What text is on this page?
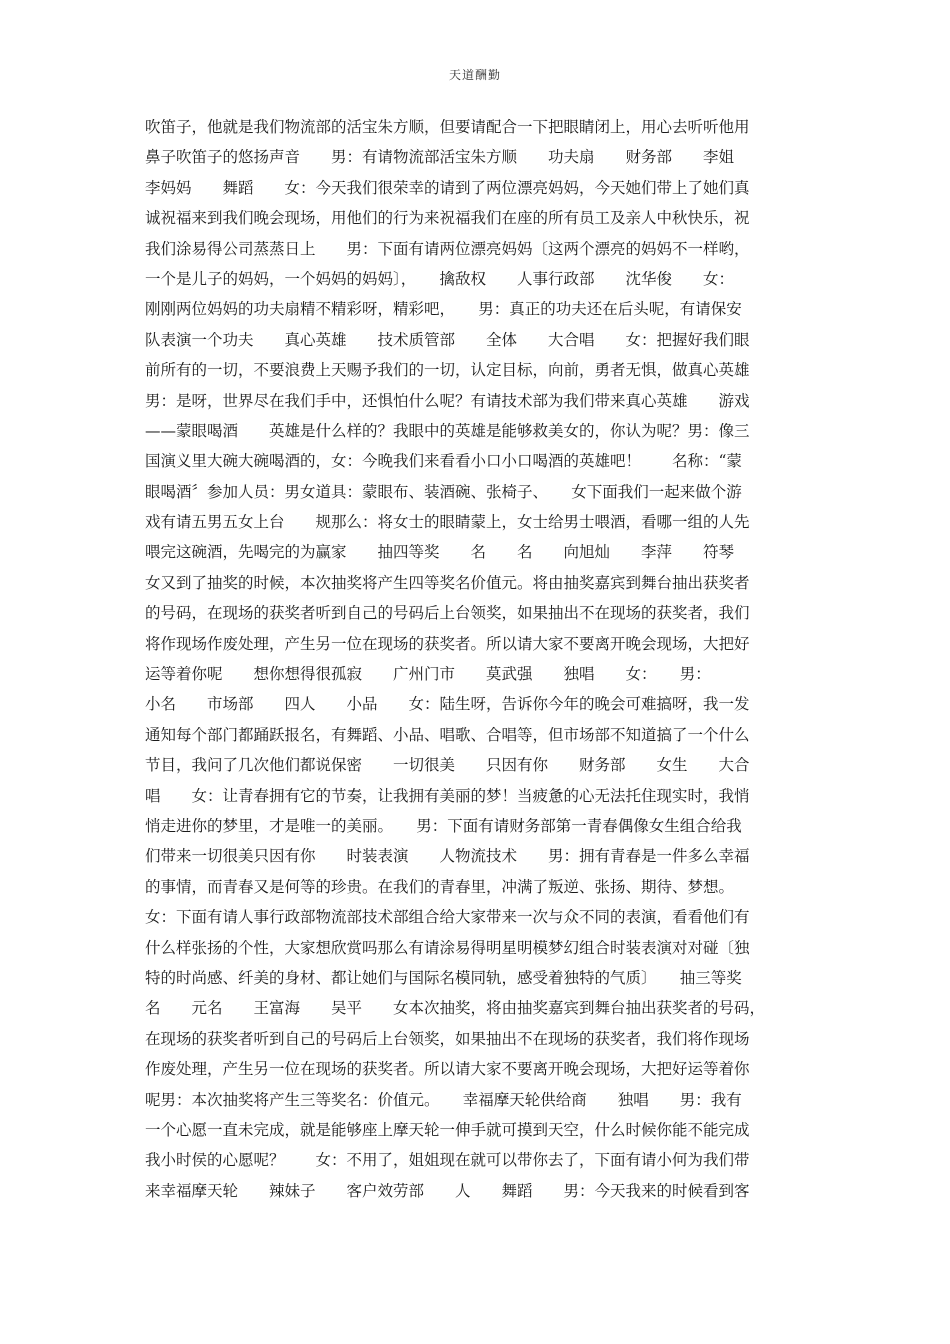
天道酬勤
吹笛子，他就是我们物流部的活宝朱方顺，但要请配合一下把眼睛闭上，用心去听听他用
鼻子吹笛子的悠扬声音　　男：有请物流部活宝朱方顺　　功夫扇　　财务部　　李姐
李妈妈　　舞蹈　　女：今天我们很荣幸的请到了两位漂亮妈妈，今天她们带上了她们真
诚祝福来到我们晚会现场，用他们的行为来祝福我们在座的所有员工及亲人中秋快乐，祝
我们涂易得公司蒸蒸日上　　男：下面有请两位漂亮妈妈〔这两个漂亮的妈妈不一样哟，
一个是儿子的妈妈，一个妈妈的妈妈〕，　　擒敌权　　人事行政部　　沈华俊　　女：
刚刚两位妈妈的功夫扇精不精彩呀，精彩吧，　　男：真正的功夫还在后头呢，有请保安
队表演一个功夫　　真心英雄　　技术质管部　　全体　　大合唱　　女：把握好我们眼
前所有的一切，不要浪费上天赐予我们的一切，认定目标，向前，勇者无惧，做真心英雄
男：是呀，世界尽在我们手中，还惧怕什么呢？有请技术部为我们带来真心英雄　　游戏
——蒙眼喝酒　　英雄是什么样的？我眼中的英雄是能够救美女的，你认为呢？男：像三
国演义里大碗大碗喝酒的，女：今晚我们来看看小口小口喝酒的英雄吧！　　名称：“蒙
眼喝酒〞参加人员：男女道具：蒙眼布、装酒碗、张椅子、　　女下面我们一起来做个游
戏有请五男五女上台　　规那么：将女士的眼睛蒙上，女士给男士喂酒，看哪一组的人先
喂完这碗酒，先喝完的为赢家　　抽四等奖　　名　　名　　向旭灿　　李萍　　符琴
女又到了抽奖的时候，本次抽奖将产生四等奖名价值元。将由抽奖嘉宾到舞台抽出获奖者
的号码，在现场的获奖者听到自己的号码后上台领奖，如果抽出不在现场的获奖者，我们
将作现场作废处理，产生另一位在现场的获奖者。所以请大家不要离开晚会现场，大把好
运等着你呢　　想你想得很孤寂　　广州门市　　莫武强　　独唱　　女：　　男：
小名　　市场部　　四人　　小品　　女：陆生呀，告诉你今年的晚会可难搞呀，我一发
通知每个部门都踊跃报名，有舞蹈、小品、唱歌、合唱等，但市场部不知道搞了一个什么
节目，我问了几次他们都说保密　　一切很美　　只因有你　　财务部　　女生　　大合
唱　　女：让青春拥有它的节奏，让我拥有美丽的梦！当疲惫的心无法托住现实时，我悄
悄走进你的梦里，才是唯一的美丽。　　男：下面有请财务部第一青春偶像女生组合给我
们带来一切很美只因有你　　时装表演　　人物流技术　　男：拥有青春是一件多么幸福
的事情，而青春又是何等的珍贵。在我们的青春里，冲满了叛逆、张扬、期待、梦想。
女：下面有请人事行政部物流部技术部组合给大家带来一次与众不同的表演，看看他们有
什么样张扬的个性，大家想欣赏吗那么有请涂易得明星明模梦幻组合时装表演对对碰〔独
特的时尚感、纤美的身材、都让她们与国际名模同轨，感受着独特的气质〕　　抽三等奖
名　　元名　　王富海　　吴平　　女本次抽奖，将由抽奖嘉宾到舞台抽出获奖者的号码，
在现场的获奖者听到自己的号码后上台领奖，如果抽出不在现场的获奖者，我们将作现场
作废处理，产生另一位在现场的获奖者。所以请大家不要离开晚会现场，大把好运等着你
呢男：本次抽奖将产生三等奖名：价值元。　　幸福摩天轮供给商　　独唱　　男：我有
一个心愿一直未完成，就是能够座上摩天轮一伸手就可摸到天空，什么时候你能不能完成
我小时侯的心愿呢？　　女：不用了，姐姐现在就可以带你去了，下面有请小何为我们带
来幸福摩天轮　　辣妹子　　客户效劳部　　人　　舞蹈　　男：今天我来的时候看到客
